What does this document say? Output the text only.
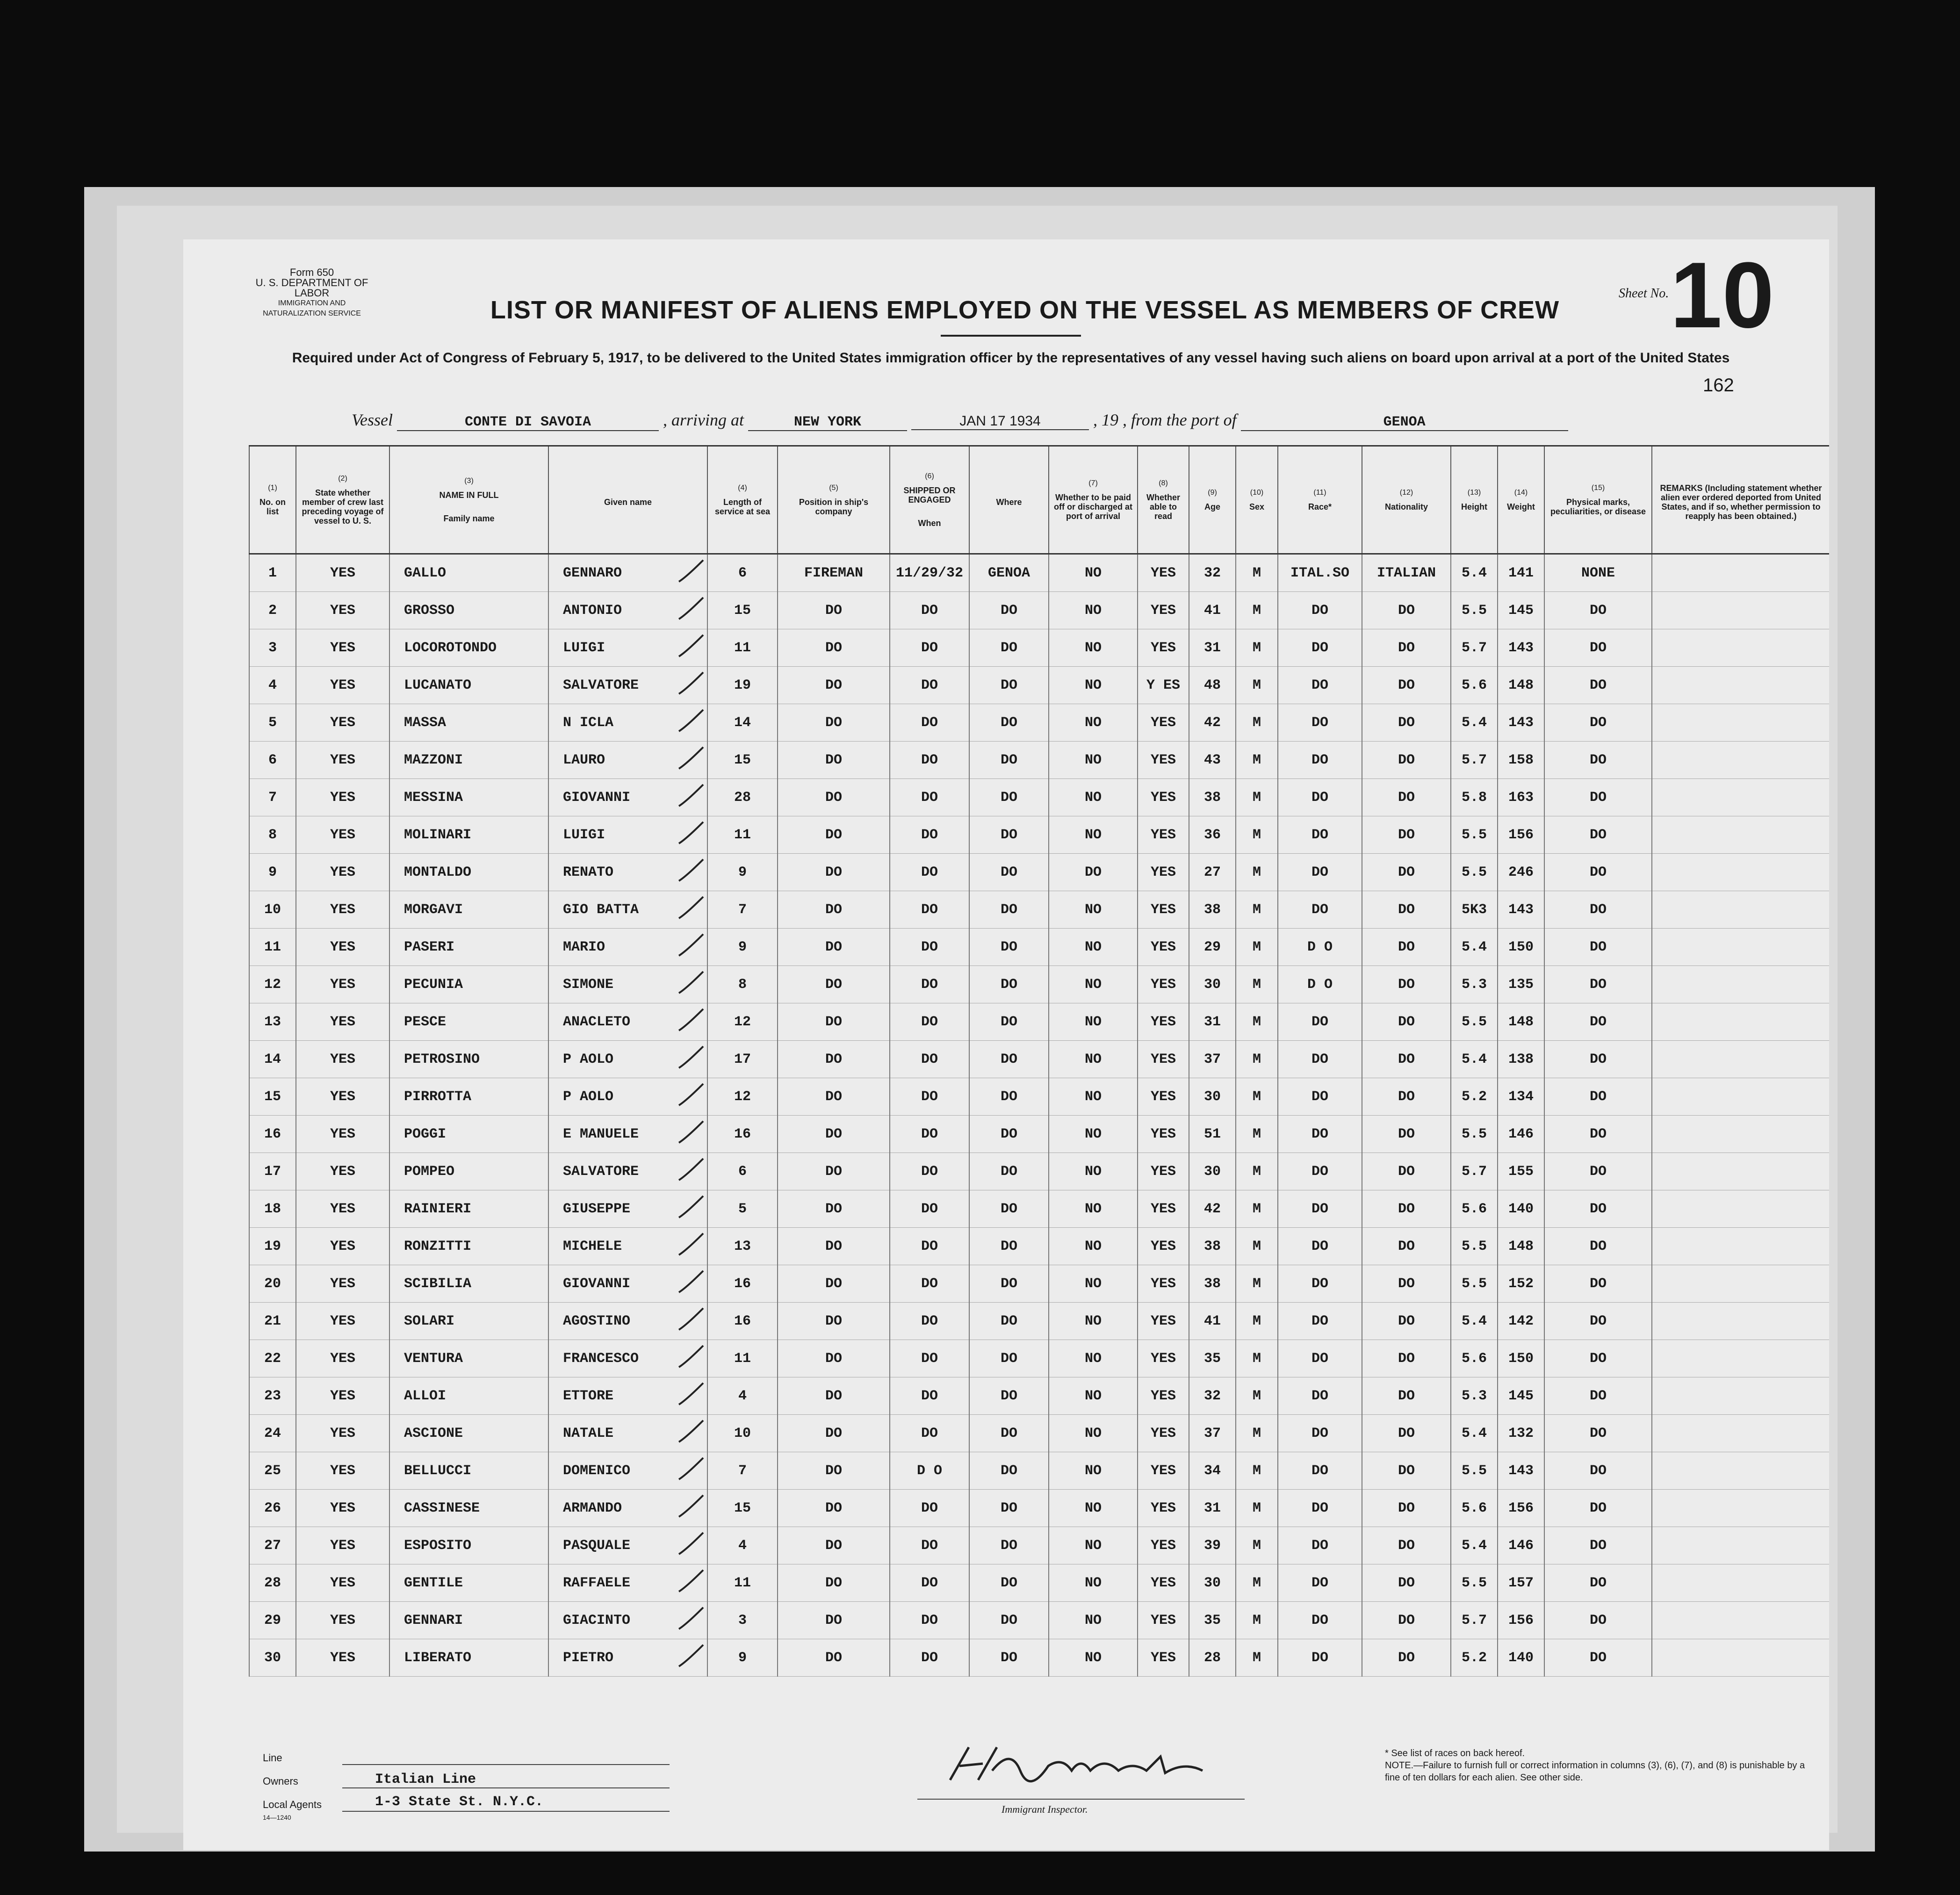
Form 650
U. S. DEPARTMENT OF LABOR
IMMIGRATION AND NATURALIZATION SERVICE	LIST OR MANIFEST OF ALIENS EMPLOYED ON THE VESSEL AS MEMBERS OF CREW
Sheet No. 10
162
Required under Act of Congress of February 5, 1917, to be delivered to the United States immigration officer by the representatives of any vessel having such aliens on board upon arrival at a port of the United States
Vessel	CONTE DI SAVOIA	, arriving at	NEW YORK	JAN 17 1934	, 19 , from the port of	GENOA
(1)
No. on list	(2)
State whether member of crew last preceding voyage of vessel to U. S.	(3)
NAME IN FULL
Family name	Given name	(4)
Length of service at sea	(5)
Position in ship's company	(6)
SHIPPED OR ENGAGED
When	Where	(7)
Whether to be paid off or discharged at port of arrival	(8)
Whether able to read	(9)
Age	(10)
Sex	(11)
Race*	(12)
Nationality	(13)
Height	(14)
Weight	(15)
Physical marks, peculiarities, or disease	REMARKS (Including statement whether alien ever ordered deported from United States, and if so, whether permission to reapply has been obtained.)
1	YES	GALLO	GENNARO	6	FIREMAN	11/29/32	GENOA	NO	YES	32	M	ITAL.SO	ITALIAN	5.4	141	NONE	
2	YES	GROSSO	ANTONIO	15	DO	DO	DO	NO	YES	41	M	DO	DO	5.5	145	DO	
3	YES	LOCOROTONDO	LUIGI	11	DO	DO	DO	NO	YES	31	M	DO	DO	5.7	143	DO	
4	YES	LUCANATO	SALVATORE	19	DO	DO	DO	NO	Y ES	48	M	DO	DO	5.6	148	DO	
5	YES	MASSA	N ICLA	14	DO	DO	DO	NO	YES	42	M	DO	DO	5.4	143	DO	
6	YES	MAZZONI	LAURO	15	DO	DO	DO	NO	YES	43	M	DO	DO	5.7	158	DO	
7	YES	MESSINA	GIOVANNI	28	DO	DO	DO	NO	YES	38	M	DO	DO	5.8	163	DO	
8	YES	MOLINARI	LUIGI	11	DO	DO	DO	NO	YES	36	M	DO	DO	5.5	156	DO	
9	YES	MONTALDO	RENATO	9	DO	DO	DO	DO	YES	27	M	DO	DO	5.5	246	DO	
10	YES	MORGAVI	GIO BATTA	7	DO	DO	DO	NO	YES	38	M	DO	DO	5K3	143	DO	
11	YES	PASERI	MARIO	9	DO	DO	DO	NO	YES	29	M	D O	DO	5.4	150	DO	
12	YES	PECUNIA	SIMONE	8	DO	DO	DO	NO	YES	30	M	D O	DO	5.3	135	DO	
13	YES	PESCE	ANACLETO	12	DO	DO	DO	NO	YES	31	M	DO	DO	5.5	148	DO	
14	YES	PETROSINO	P AOLO	17	DO	DO	DO	NO	YES	37	M	DO	DO	5.4	138	DO	
15	YES	PIRROTTA	P AOLO	12	DO	DO	DO	NO	YES	30	M	DO	DO	5.2	134	DO	
16	YES	POGGI	E MANUELE	16	DO	DO	DO	NO	YES	51	M	DO	DO	5.5	146	DO	
17	YES	POMPEO	SALVATORE	6	DO	DO	DO	NO	YES	30	M	DO	DO	5.7	155	DO	
18	YES	RAINIERI	GIUSEPPE	5	DO	DO	DO	NO	YES	42	M	DO	DO	5.6	140	DO	
19	YES	RONZITTI	MICHELE	13	DO	DO	DO	NO	YES	38	M	DO	DO	5.5	148	DO	
20	YES	SCIBILIA	GIOVANNI	16	DO	DO	DO	NO	YES	38	M	DO	DO	5.5	152	DO	
21	YES	SOLARI	AGOSTINO	16	DO	DO	DO	NO	YES	41	M	DO	DO	5.4	142	DO	
22	YES	VENTURA	FRANCESCO	11	DO	DO	DO	NO	YES	35	M	DO	DO	5.6	150	DO	
23	YES	ALLOI	ETTORE	4	DO	DO	DO	NO	YES	32	M	DO	DO	5.3	145	DO	
24	YES	ASCIONE	NATALE	10	DO	DO	DO	NO	YES	37	M	DO	DO	5.4	132	DO	
25	YES	BELLUCCI	DOMENICO	7	DO	D O	DO	NO	YES	34	M	DO	DO	5.5	143	DO	
26	YES	CASSINESE	ARMANDO	15	DO	DO	DO	NO	YES	31	M	DO	DO	5.6	156	DO	
27	YES	ESPOSITO	PASQUALE	4	DO	DO	DO	NO	YES	39	M	DO	DO	5.4	146	DO	
28	YES	GENTILE	RAFFAELE	11	DO	DO	DO	NO	YES	30	M	DO	DO	5.5	157	DO	
29	YES	GENNARI	GIACINTO	3	DO	DO	DO	NO	YES	35	M	DO	DO	5.7	156	DO	
30	YES	LIBERATO	PIETRO	9	DO	DO	DO	NO	YES	28	M	DO	DO	5.2	140	DO	
Line
Owners	Italian Line
Local Agents	1-3 State St. N.Y.C.
14—1240
Immigrant Inspector.
* See list of races on back hereof.
NOTE.—Failure to furnish full or correct information in columns (3), (6), (7), and (8) is punishable by a fine of ten dollars for each alien. See other side.
